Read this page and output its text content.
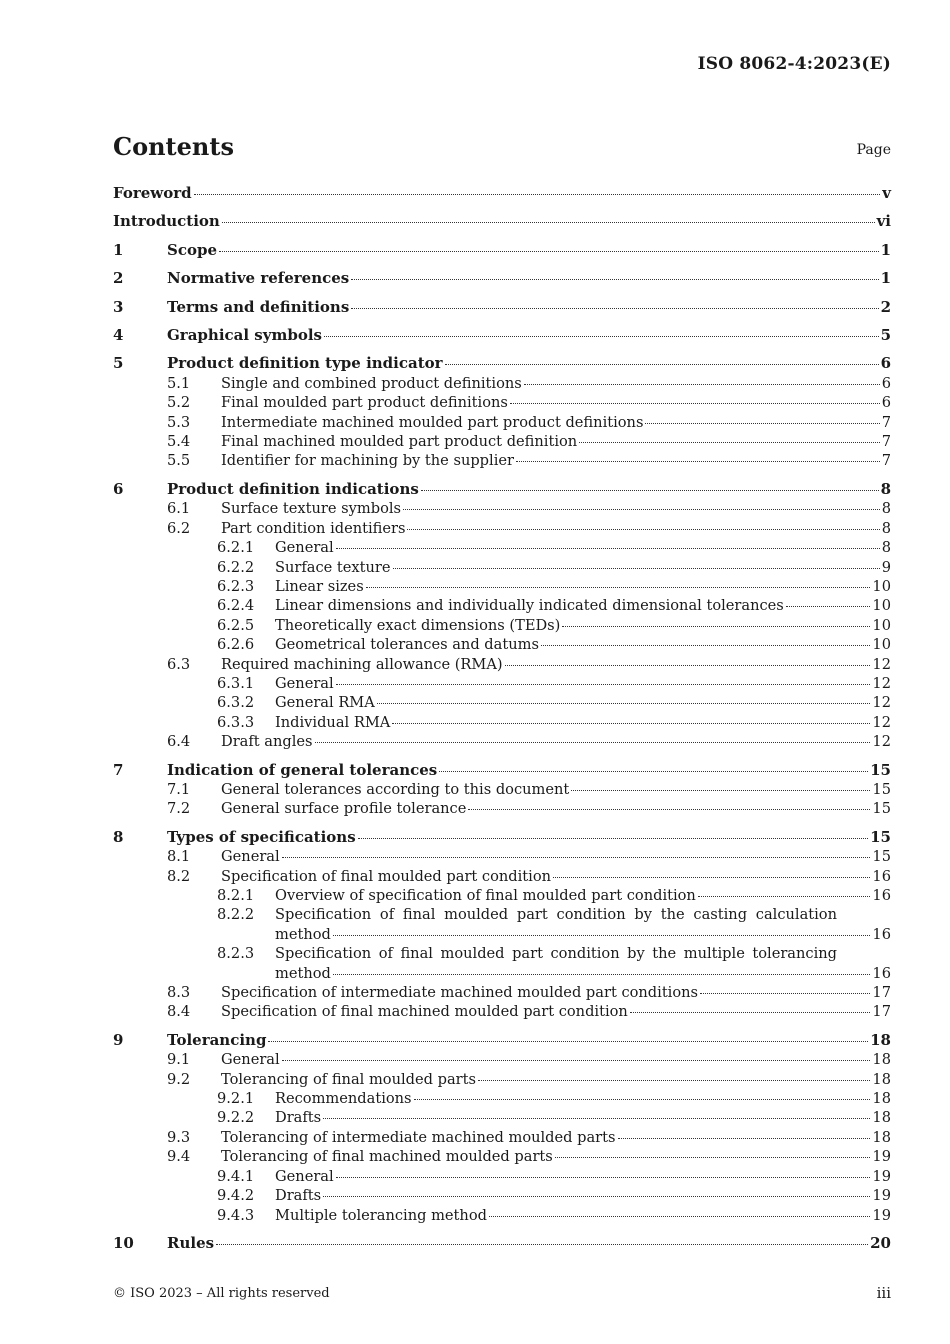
ISO 8062-4:2023(E)
Contents	Page
Foreword	v
Introduction	vi
1	Scope	1
2	Normative references	1
3	Terms and definitions	2
4	Graphical symbols	5
5	Product definition type indicator	6
5.1	Single and combined product definitions	6
5.2	Final moulded part product definitions	6
5.3	Intermediate machined moulded part product definitions	7
5.4	Final machined moulded part product definition	7
5.5	Identifier for machining by the supplier	7
6	Product definition indications	8
6.1	Surface texture symbols	8
6.2	Part condition identifiers	8
6.2.1	General	8
6.2.2	Surface texture	9
6.2.3	Linear sizes	10
6.2.4	Linear dimensions and individually indicated dimensional tolerances	10
6.2.5	Theoretically exact dimensions (TEDs)	10
6.2.6	Geometrical tolerances and datums	10
6.3	Required machining allowance (RMA)	12
6.3.1	General	12
6.3.2	General RMA	12
6.3.3	Individual RMA	12
6.4	Draft angles	12
7	Indication of general tolerances	15
7.1	General tolerances according to this document	15
7.2	General surface profile tolerance	15
8	Types of specifications	15
8.1	General	15
8.2	Specification of final moulded part condition	16
8.2.1	Overview of specification of final moulded part condition	16
8.2.2	Specification of final moulded part condition by the casting calculation
method	16
8.2.3	Specification of final moulded part condition by the multiple tolerancing
method	16
8.3	Specification of intermediate machined moulded part conditions	17
8.4	Specification of final machined moulded part condition	17
9	Tolerancing	18
9.1	General	18
9.2	Tolerancing of final moulded parts	18
9.2.1	Recommendations	18
9.2.2	Drafts	18
9.3	Tolerancing of intermediate machined moulded parts	18
9.4	Tolerancing of final machined moulded parts	19
9.4.1	General	19
9.4.2	Drafts	19
9.4.3	Multiple tolerancing method	19
10	Rules	20
© ISO 2023 – All rights reserved	iii
